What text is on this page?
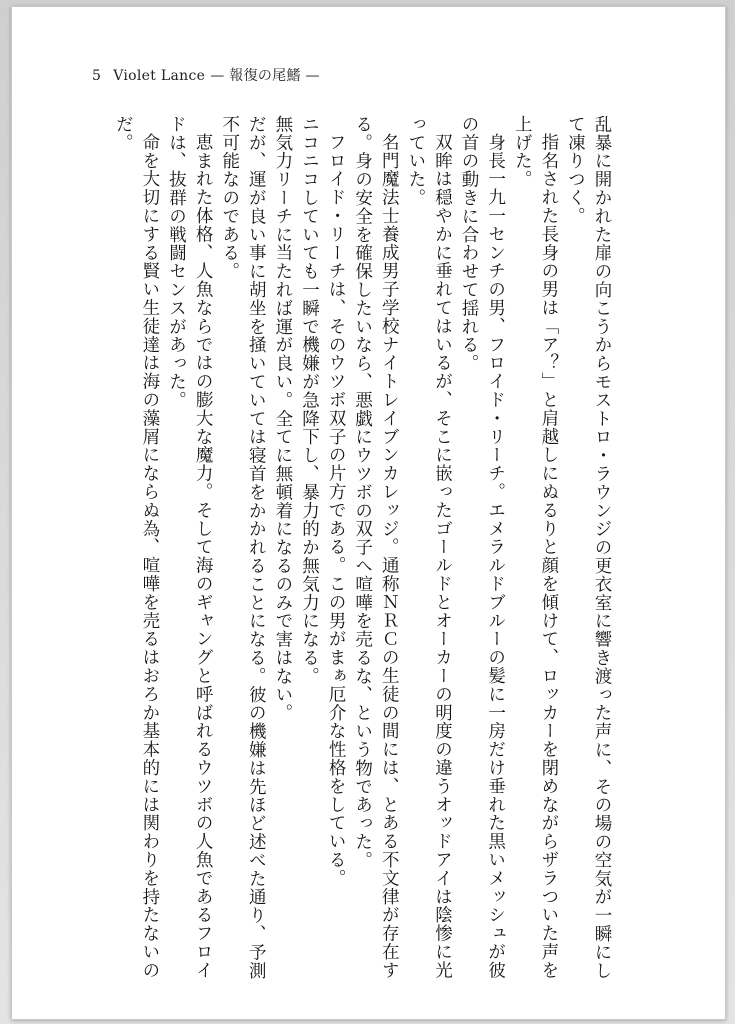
5 Violet Lance — 報復の尾鰭 —

乱暴に開かれた扉の向こうからモストロ・ラウンジの更衣室に響き渡った声に、その場の空気が一瞬にして凍りつく。

指名された長身の男は「ア？」と肩越しにぬるりと顔を傾けて、ロッカーを閉めながらザラついた声を上げた。

身長一九一センチの男、フロイド・リーチ。エメラルドブルーの髪に一房だけ垂れた黒いメッシュが彼の首の動きに合わせて揺れる。

双眸は穏やかに垂れてはいるが、そこに嵌ったゴールドとオーカーの明度の違うオッドアイは陰惨に光っていた。

名門魔法士養成男子学校ナイトレイブンカレッジ。通称ＮＲＣの生徒の間には、とある不文律が存在する。身の安全を確保したいなら、悪戯にウツボの双子へ喧嘩を売るな、という物であった。

フロイド・リーチは、そのウツボ双子の片方である。この男がまぁ厄介な性格をしている。

ニコニコしていても一瞬で機嫌が急降下し、暴力的か無気力になる。

無気力リーチに当たれば運が良い。全てに無頓着になるのみで害はない。

だが、運が良い事に胡坐を掻いていては寝首をかかれることになる。彼の機嫌は先ほど述べた通り、予測不可能なのである。

恵まれた体格、人魚ならではの膨大な魔力。そして海のギャングと呼ばれるウツボの人魚であるフロイドは、抜群の戦闘センスがあった。

命を大切にする賢い生徒達は海の藻屑にならぬ為、喧嘩を売るはおろか基本的には関わりを持たないのだ。
